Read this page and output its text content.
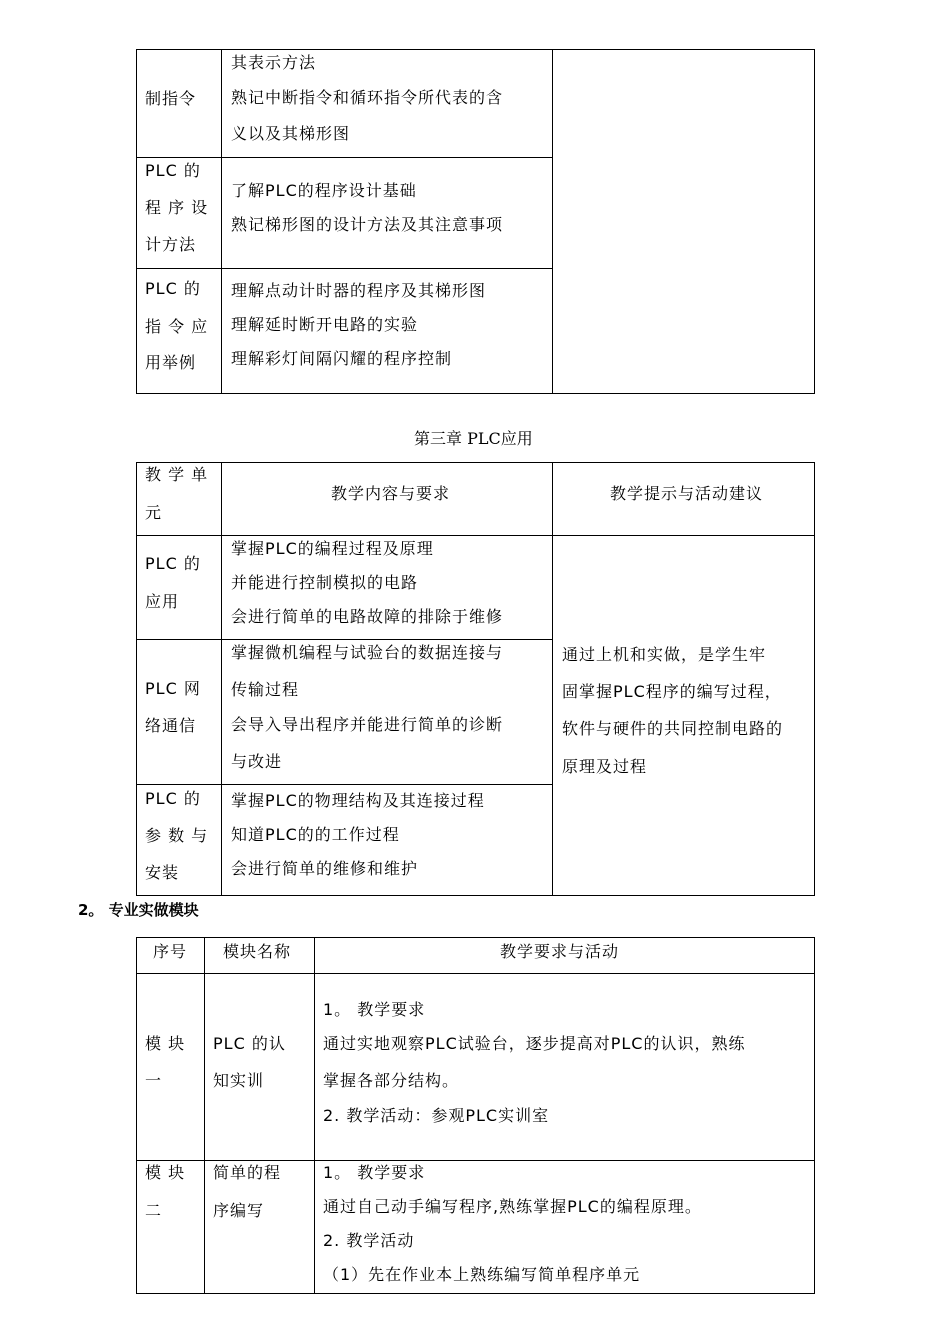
制指令
其表示方法
熟记中断指令和循环指令所代表的含
义以及其梯形图
PLC 的
程 序 设
计方法
了解PLC的程序设计基础
熟记梯形图的设计方法及其注意事项
PLC 的
指 令 应
用举例
理解点动计时器的程序及其梯形图
理解延时断开电路的实验
理解彩灯间隔闪耀的程序控制
第三章 PLC应用
教 学 单
元
教学内容与要求	教学提示与活动建议
PLC 的
应用
掌握PLC的编程过程及原理
并能进行控制模拟的电路
会进行简单的电路故障的排除于维修
PLC 网
络通信
掌握微机编程与试验台的数据连接与
传输过程
会导入导出程序并能进行简单的诊断
与改进
PLC 的
参 数 与
安装
掌握PLC的物理结构及其连接过程
知道PLC的的工作过程
会进行简单的维修和维护
通过上机和实做，是学生牢
固掌握PLC程序的编写过程，
软件与硬件的共同控制电路的
原理及过程
2。 专业实做模块
序号 模块名称	教学要求与活动
模 块
一
PLC 的认
知实训
1。 教学要求
通过实地观察PLC试验台，逐步提高对PLC的认识，熟练
掌握各部分结构。
2. 教学活动：参观PLC实训室
模 块
二
简单的程
序编写
1。 教学要求
通过自己动手编写程序,熟练掌握PLC的编程原理。
2. 教学活动
（1）先在作业本上熟练编写简单程序单元
